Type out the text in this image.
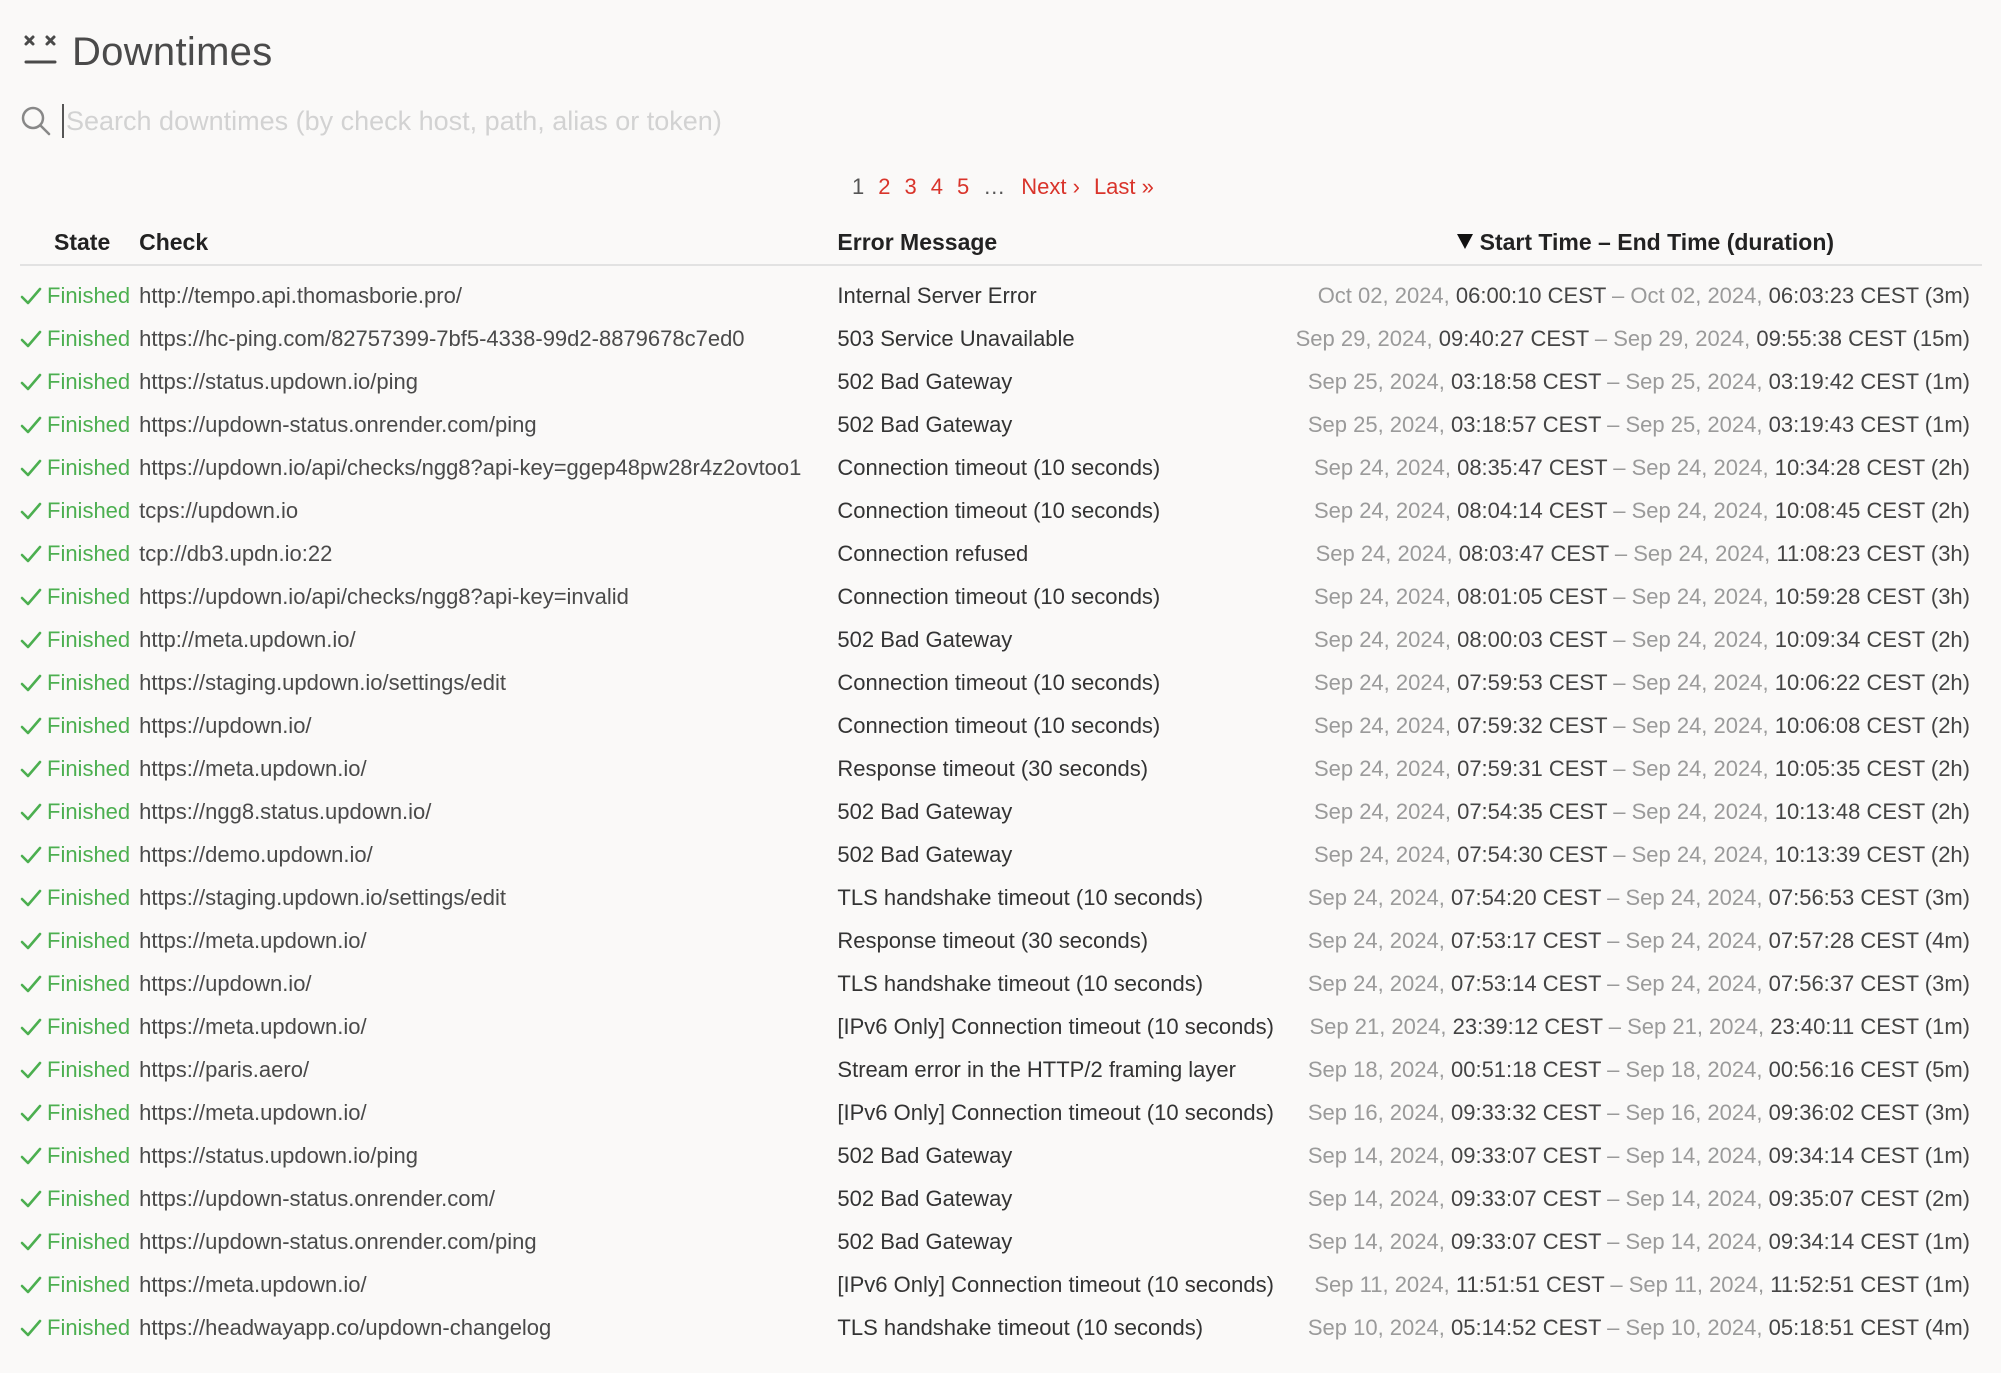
Downtimes
Search downtimes (by check host, path, alias or token)
1 2 3 4 5 … Next › Last »
State	Check	Error Message	Start Time – End Time (duration)

Finished	http://tempo.api.thomasborie.pro/	Internal Server Error	Oct 02, 2024, 06:00:10 CEST – Oct 02, 2024, 06:03:23 CEST (3m)

Finished	https://hc-ping.com/82757399-7bf5-4338-99d2-8879678c7ed0	503 Service Unavailable	Sep 29, 2024, 09:40:27 CEST – Sep 29, 2024, 09:55:38 CEST (15m)

Finished	https://status.updown.io/ping	502 Bad Gateway	Sep 25, 2024, 03:18:58 CEST – Sep 25, 2024, 03:19:42 CEST (1m)

Finished	https://updown-status.onrender.com/ping	502 Bad Gateway	Sep 25, 2024, 03:18:57 CEST – Sep 25, 2024, 03:19:43 CEST (1m)

Finished	https://updown.io/api/checks/ngg8?api-key=ggep48pw28r4z2ovtoo1	Connection timeout (10 seconds)	Sep 24, 2024, 08:35:47 CEST – Sep 24, 2024, 10:34:28 CEST (2h)

Finished	tcps://updown.io	Connection timeout (10 seconds)	Sep 24, 2024, 08:04:14 CEST – Sep 24, 2024, 10:08:45 CEST (2h)

Finished	tcp://db3.updn.io:22	Connection refused	Sep 24, 2024, 08:03:47 CEST – Sep 24, 2024, 11:08:23 CEST (3h)

Finished	https://updown.io/api/checks/ngg8?api-key=invalid	Connection timeout (10 seconds)	Sep 24, 2024, 08:01:05 CEST – Sep 24, 2024, 10:59:28 CEST (3h)

Finished	http://meta.updown.io/	502 Bad Gateway	Sep 24, 2024, 08:00:03 CEST – Sep 24, 2024, 10:09:34 CEST (2h)

Finished	https://staging.updown.io/settings/edit	Connection timeout (10 seconds)	Sep 24, 2024, 07:59:53 CEST – Sep 24, 2024, 10:06:22 CEST (2h)

Finished	https://updown.io/	Connection timeout (10 seconds)	Sep 24, 2024, 07:59:32 CEST – Sep 24, 2024, 10:06:08 CEST (2h)

Finished	https://meta.updown.io/	Response timeout (30 seconds)	Sep 24, 2024, 07:59:31 CEST – Sep 24, 2024, 10:05:35 CEST (2h)

Finished	https://ngg8.status.updown.io/	502 Bad Gateway	Sep 24, 2024, 07:54:35 CEST – Sep 24, 2024, 10:13:48 CEST (2h)

Finished	https://demo.updown.io/	502 Bad Gateway	Sep 24, 2024, 07:54:30 CEST – Sep 24, 2024, 10:13:39 CEST (2h)

Finished	https://staging.updown.io/settings/edit	TLS handshake timeout (10 seconds)	Sep 24, 2024, 07:54:20 CEST – Sep 24, 2024, 07:56:53 CEST (3m)

Finished	https://meta.updown.io/	Response timeout (30 seconds)	Sep 24, 2024, 07:53:17 CEST – Sep 24, 2024, 07:57:28 CEST (4m)

Finished	https://updown.io/	TLS handshake timeout (10 seconds)	Sep 24, 2024, 07:53:14 CEST – Sep 24, 2024, 07:56:37 CEST (3m)

Finished	https://meta.updown.io/	[IPv6 Only] Connection timeout (10 seconds)	Sep 21, 2024, 23:39:12 CEST – Sep 21, 2024, 23:40:11 CEST (1m)

Finished	https://paris.aero/	Stream error in the HTTP/2 framing layer	Sep 18, 2024, 00:51:18 CEST – Sep 18, 2024, 00:56:16 CEST (5m)

Finished	https://meta.updown.io/	[IPv6 Only] Connection timeout (10 seconds)	Sep 16, 2024, 09:33:32 CEST – Sep 16, 2024, 09:36:02 CEST (3m)

Finished	https://status.updown.io/ping	502 Bad Gateway	Sep 14, 2024, 09:33:07 CEST – Sep 14, 2024, 09:34:14 CEST (1m)

Finished	https://updown-status.onrender.com/	502 Bad Gateway	Sep 14, 2024, 09:33:07 CEST – Sep 14, 2024, 09:35:07 CEST (2m)

Finished	https://updown-status.onrender.com/ping	502 Bad Gateway	Sep 14, 2024, 09:33:07 CEST – Sep 14, 2024, 09:34:14 CEST (1m)

Finished	https://meta.updown.io/	[IPv6 Only] Connection timeout (10 seconds)	Sep 11, 2024, 11:51:51 CEST – Sep 11, 2024, 11:52:51 CEST (1m)

Finished	https://headwayapp.co/updown-changelog	TLS handshake timeout (10 seconds)	Sep 10, 2024, 05:14:52 CEST – Sep 10, 2024, 05:18:51 CEST (4m)
